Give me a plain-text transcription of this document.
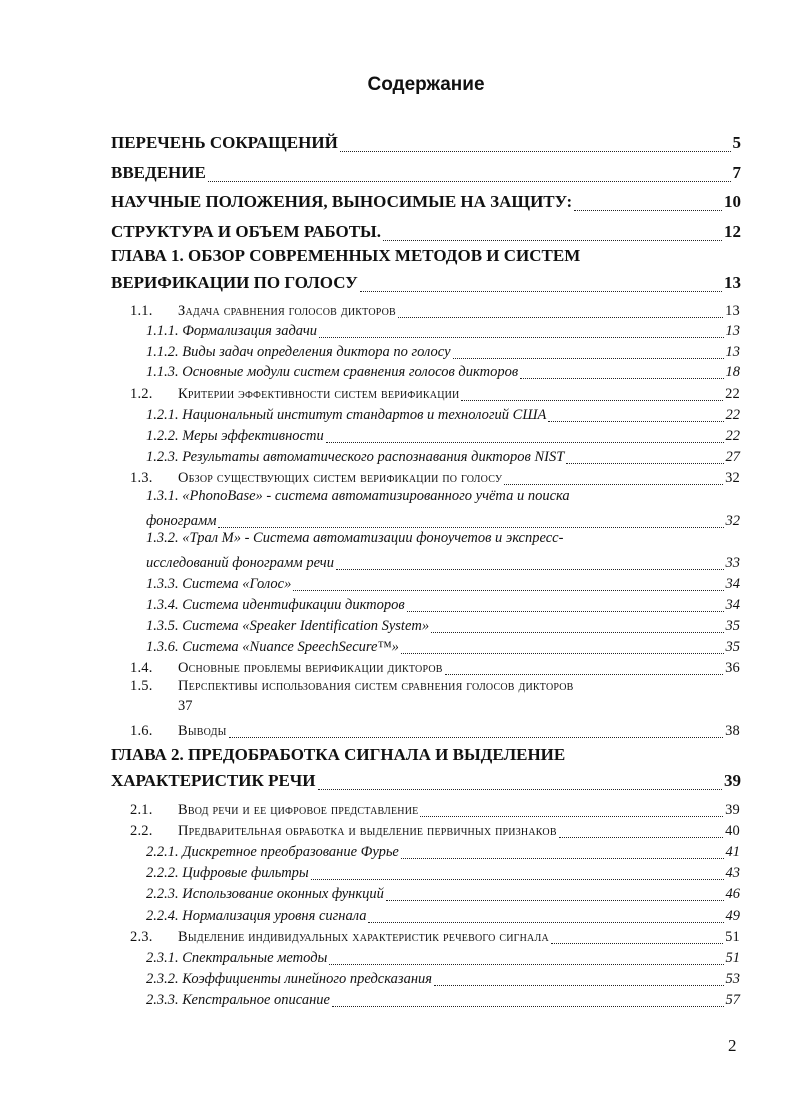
Содержание
ПЕРЕЧЕНЬ СОКРАЩЕНИЙ	5
ВВЕДЕНИЕ	7
НАУЧНЫЕ ПОЛОЖЕНИЯ, ВЫНОСИМЫЕ НА ЗАЩИТУ:	10
СТРУКТУРА И ОБЪЕМ РАБОТЫ.	12
ГЛАВА 1. ОБЗОР СОВРЕМЕННЫХ МЕТОДОВ И СИСТЕМ
ВЕРИФИКАЦИИ ПО ГОЛОСУ	13
1.1. Задача сравнения голосов дикторов	13
1.1.1. Формализация задачи	13
1.1.2. Виды задач определения диктора по голосу	13
1.1.3. Основные модули систем сравнения голосов дикторов	18
1.2. Критерии эффективности систем верификации	22
1.2.1. Национальный институт стандартов и технологий США	22
1.2.2. Меры эффективности	22
1.2.3. Результаты автоматического распознавания дикторов NIST	27
1.3. Обзор существующих систем верификации по голосу	32
1.3.1. «PhonoBase» - система автоматизированного учёта и поиска
фонограмм	32
1.3.2. «Трал М» - Система автоматизации фоноучетов и экспресс-
исследований фонограмм речи	33
1.3.3. Система «Голос»	34
1.3.4. Система идентификации дикторов	34
1.3.5. Система «Speaker Identification System»	35
1.3.6. Система «Nuance SpeechSecure™»	35
1.4. Основные проблемы верификации дикторов	36
1.5. Перспективы использования систем сравнения голосов дикторов
37
1.6. Выводы	38
ГЛАВА 2. ПРЕДОБРАБОТКА СИГНАЛА И ВЫДЕЛЕНИЕ
ХАРАКТЕРИСТИК РЕЧИ	39
2.1. Ввод речи и ее цифровое представление	39
2.2. Предварительная обработка и выделение первичных признаков	40
2.2.1. Дискретное преобразование Фурье	41
2.2.2. Цифровые фильтры	43
2.2.3. Использование оконных функций	46
2.2.4. Нормализация уровня сигнала	49
2.3. Выделение индивидуальных характеристик речевого сигнала	51
2.3.1. Спектральные методы	51
2.3.2. Коэффициенты линейного предсказания	53
2.3.3. Кепстральное описание	57
2
